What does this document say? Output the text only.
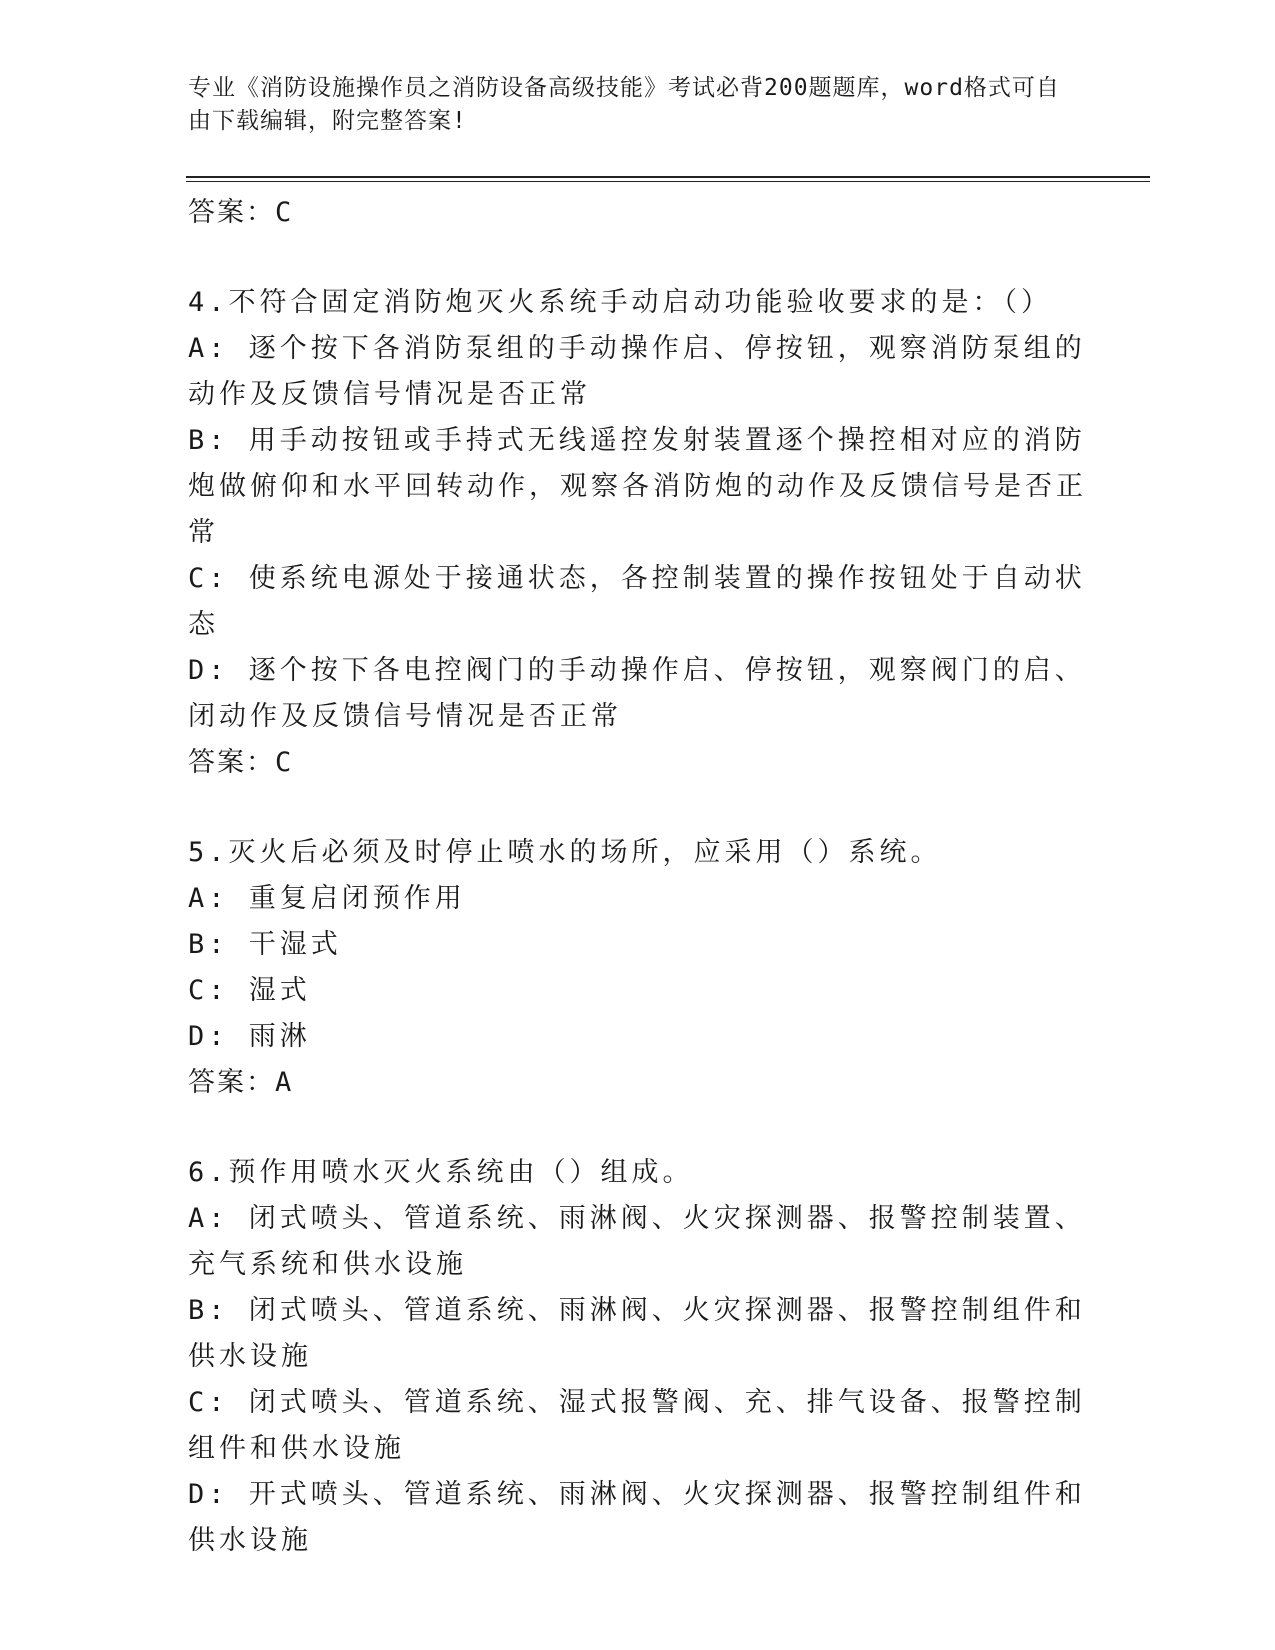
专业《消防设施操作员之消防设备高级技能》考试必背200题题库，word格式可自由下载编辑，附完整答案!
答案：C
4.不符合固定消防炮灭火系统手动启动功能验收要求的是：（）
A: 逐个按下各消防泵组的手动操作启、停按钮，观察消防泵组的动作及反馈信号情况是否正常
B: 用手动按钮或手持式无线遥控发射装置逐个操控相对应的消防炮做俯仰和水平回转动作，观察各消防炮的动作及反馈信号是否正常
C: 使系统电源处于接通状态，各控制装置的操作按钮处于自动状态
D: 逐个按下各电控阀门的手动操作启、停按钮，观察阀门的启、闭动作及反馈信号情况是否正常
答案：C
5.灭火后必须及时停止喷水的场所，应采用（）系统。
A: 重复启闭预作用
B: 干湿式
C: 湿式
D: 雨淋
答案：A
6.预作用喷水灭火系统由（）组成。
A: 闭式喷头、管道系统、雨淋阀、火灾探测器、报警控制装置、充气系统和供水设施
B: 闭式喷头、管道系统、雨淋阀、火灾探测器、报警控制组件和供水设施
C: 闭式喷头、管道系统、湿式报警阀、充、排气设备、报警控制组件和供水设施
D: 开式喷头、管道系统、雨淋阀、火灾探测器、报警控制组件和供水设施
